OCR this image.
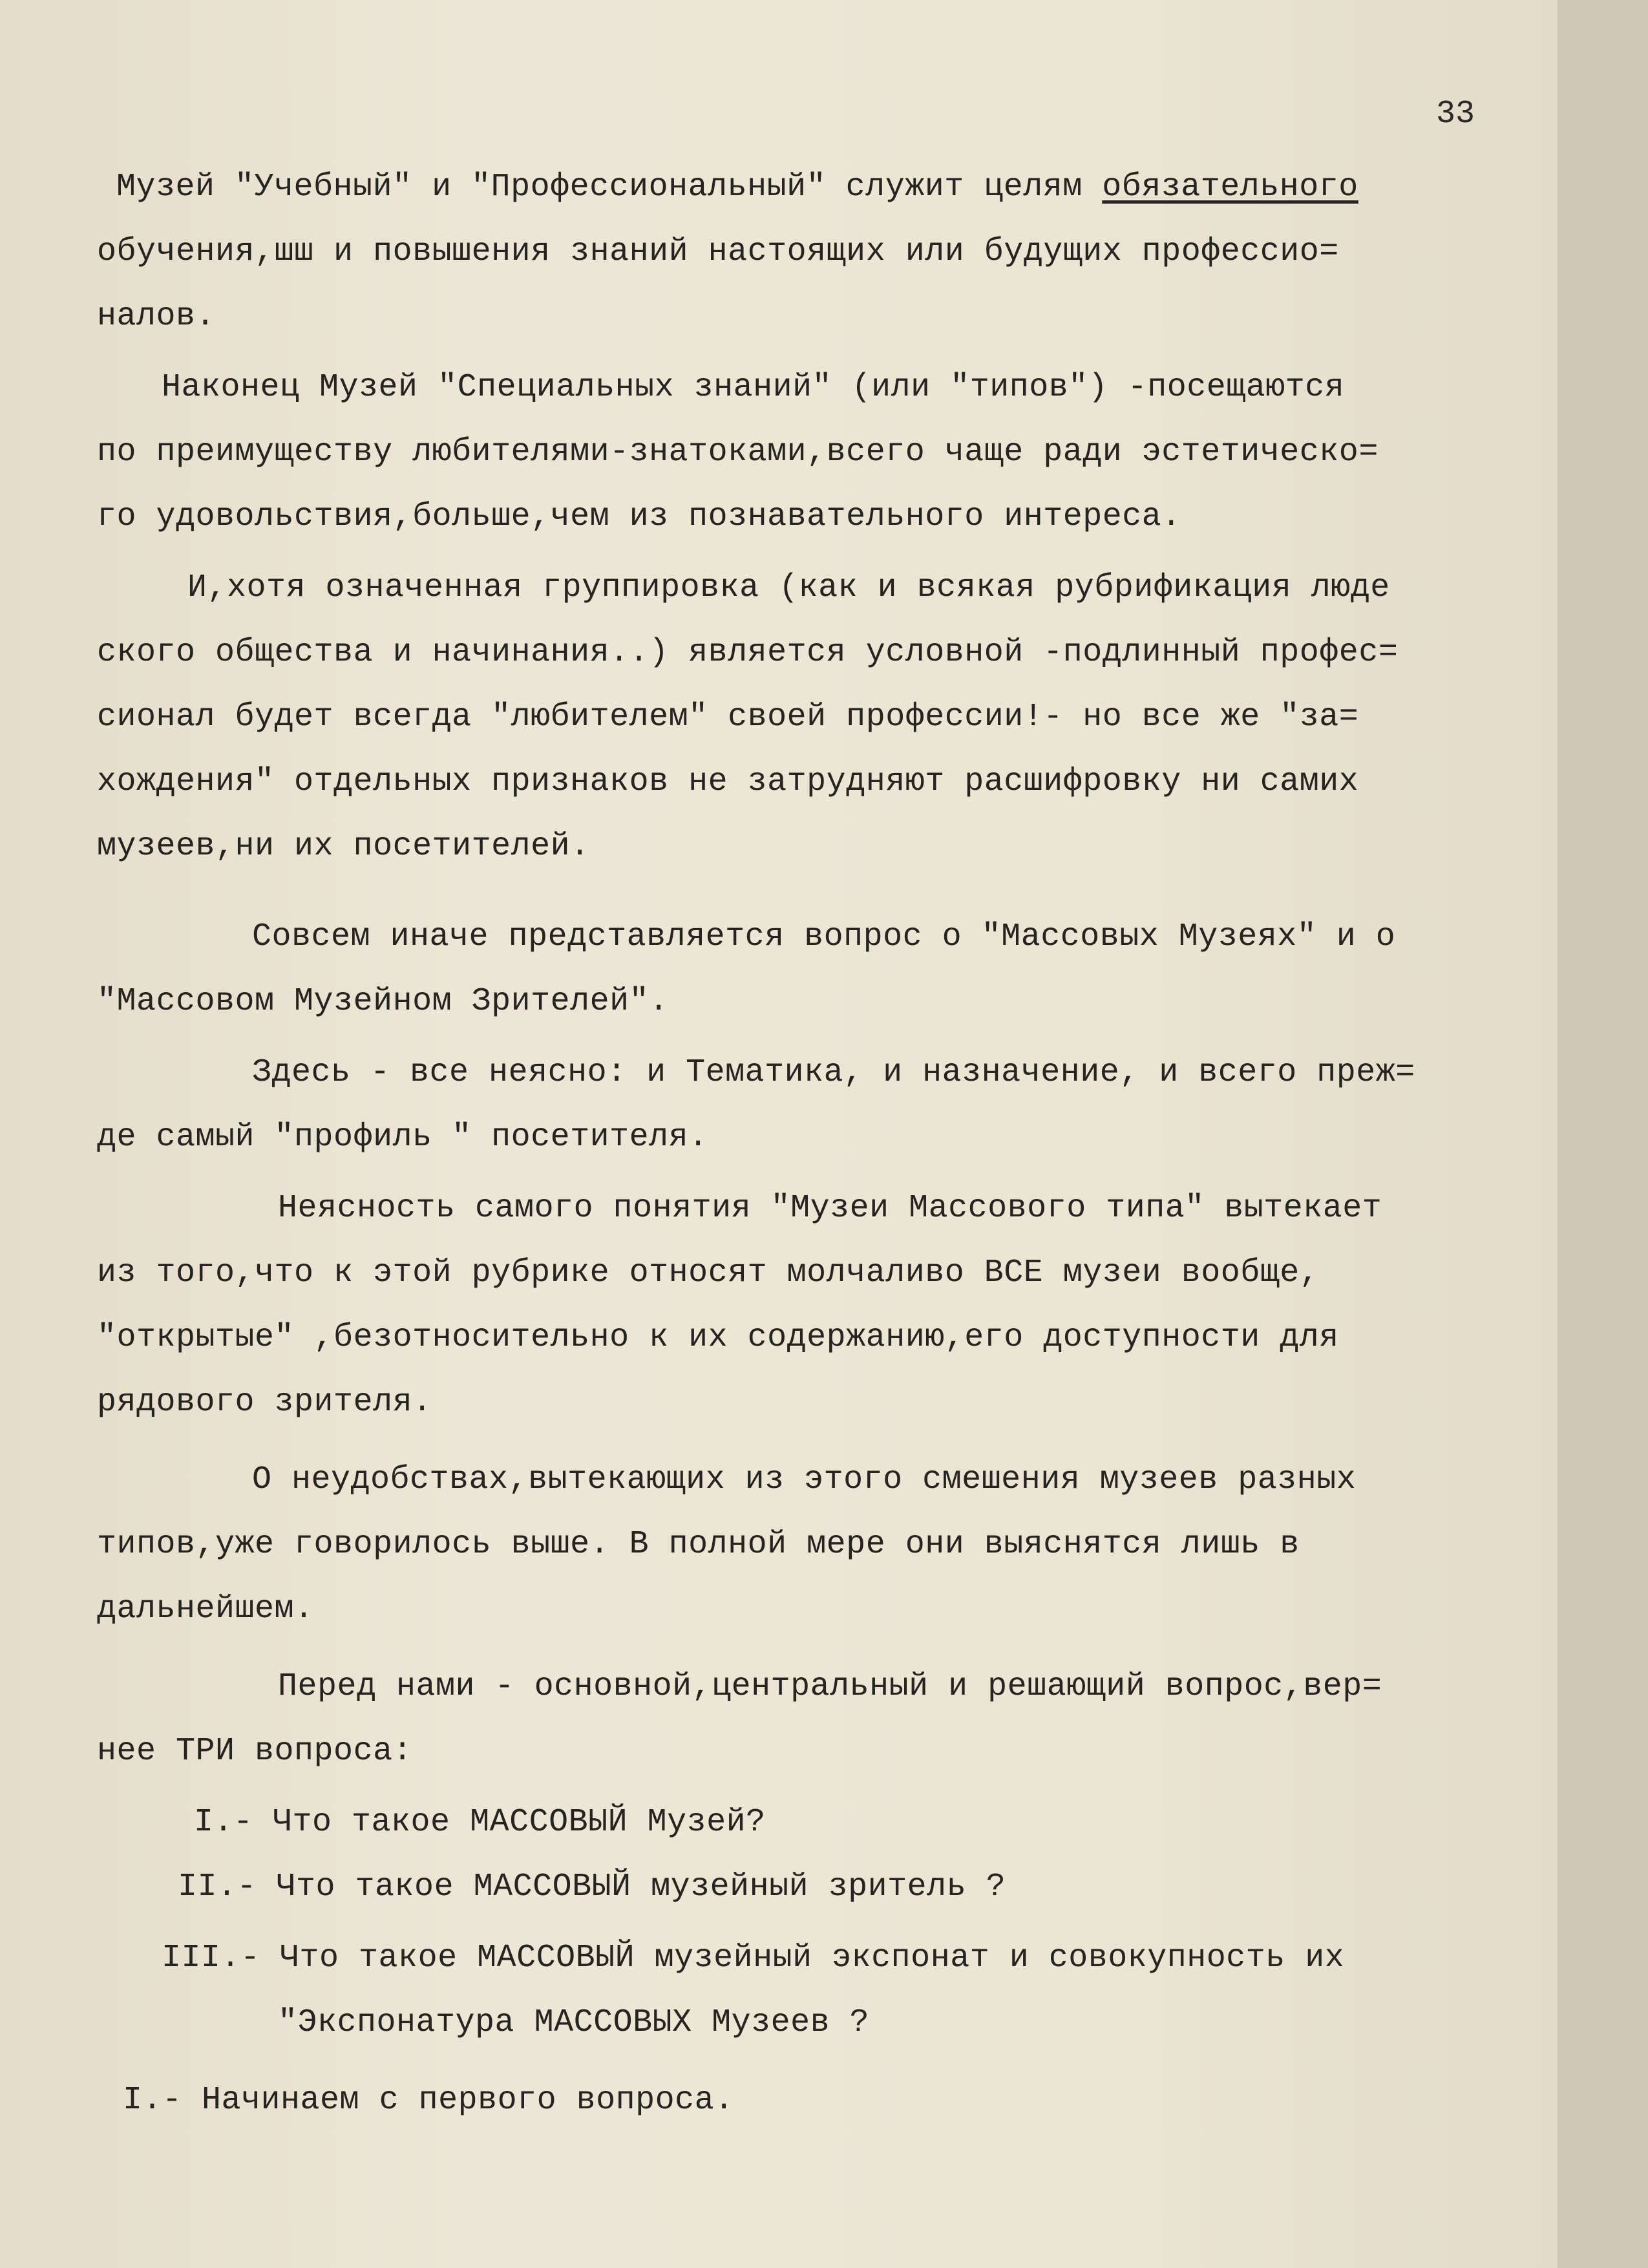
33
Музей "Учебный" и "Профессиональный" служит целям обязательного
обучения,шш и повышения знаний настоящих или будущих профессио=
налов.
Наконец Музей "Специальных знаний" (или "типов") -посещаются
по преимуществу любителями-знатоками,всего чаще ради эстетическо=
го удовольствия,больше,чем из познавательного интереса.
И,хотя означенная группировка (как и всякая рубрификация люде
ского общества и начинания..) является условной -подлинный профес=
сионал будет всегда "любителем" своей профессии!- но все же "за=
хождения" отдельных признаков не затрудняют расшифровку ни самих
музеев,ни их посетителей.
Совсем иначе представляется вопрос о "Массовых Музеях" и о
"Массовом Музейном Зрителей".
Здесь - все неясно: и Тематика, и назначение, и всего преж=
де самый "профиль " посетителя.
Неясность самого понятия "Музеи Массового типа" вытекает
из того,что к этой рубрике относят молчаливо ВСЕ музеи вообще,
"открытые" ,безотносительно к их содержанию,его доступности для
рядового зрителя.
О неудобствах,вытекающих из этого смешения музеев разных
типов,уже говорилось выше. В полной мере они выяснятся лишь в
дальнейшем.
Перед нами - основной,центральный и решающий вопрос,вер=
нее ТРИ вопроса:
I.- Что такое МАССОВЫЙ Музей?
II.- Что такое МАССОВЫЙ музейный зритель ?
III.- Что такое МАССОВЫЙ музейный экспонат и совокупность их
"Экспонатура МАССОВЫХ Музеев ?
I.- Начинаем с первого вопроса.
